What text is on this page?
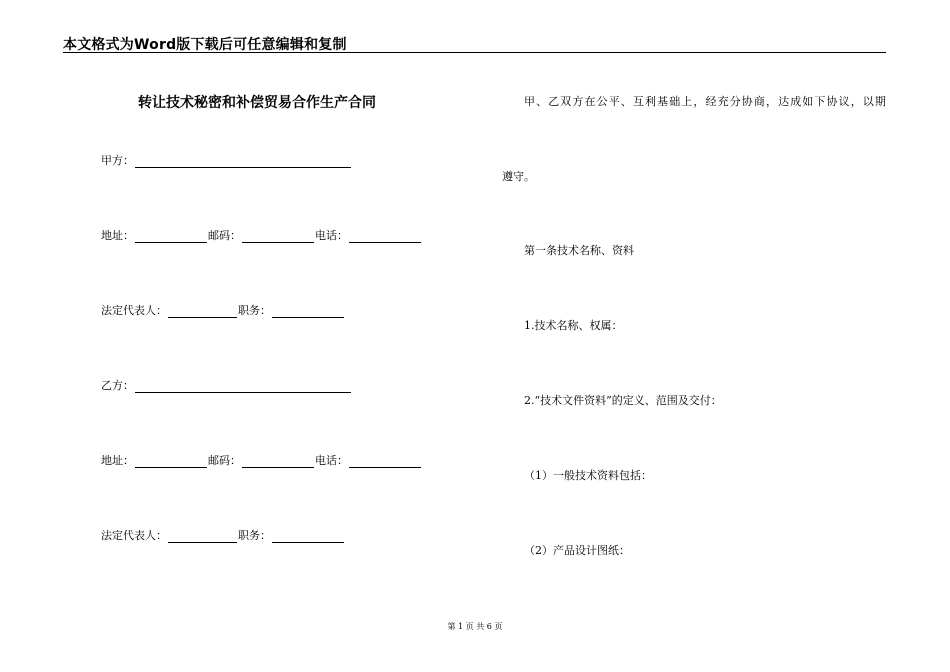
本文格式为Word版下载后可任意编辑和复制
转让技术秘密和补偿贸易合作生产合同
甲方：
地址：	邮码：	电话：
法定代表人：	职务：
乙方：
地址：	邮码：	电话：
法定代表人：	职务：
甲、乙双方在公平、互利基础上，经充分协商，达成如下协议，以期
遵守。
第一条技术名称、资料
1.技术名称、权属：
2.“技术文件资料”的定义、范围及交付：
（1）一般技术资料包括：
（2）产品设计图纸：
第 1 页 共 6 页
